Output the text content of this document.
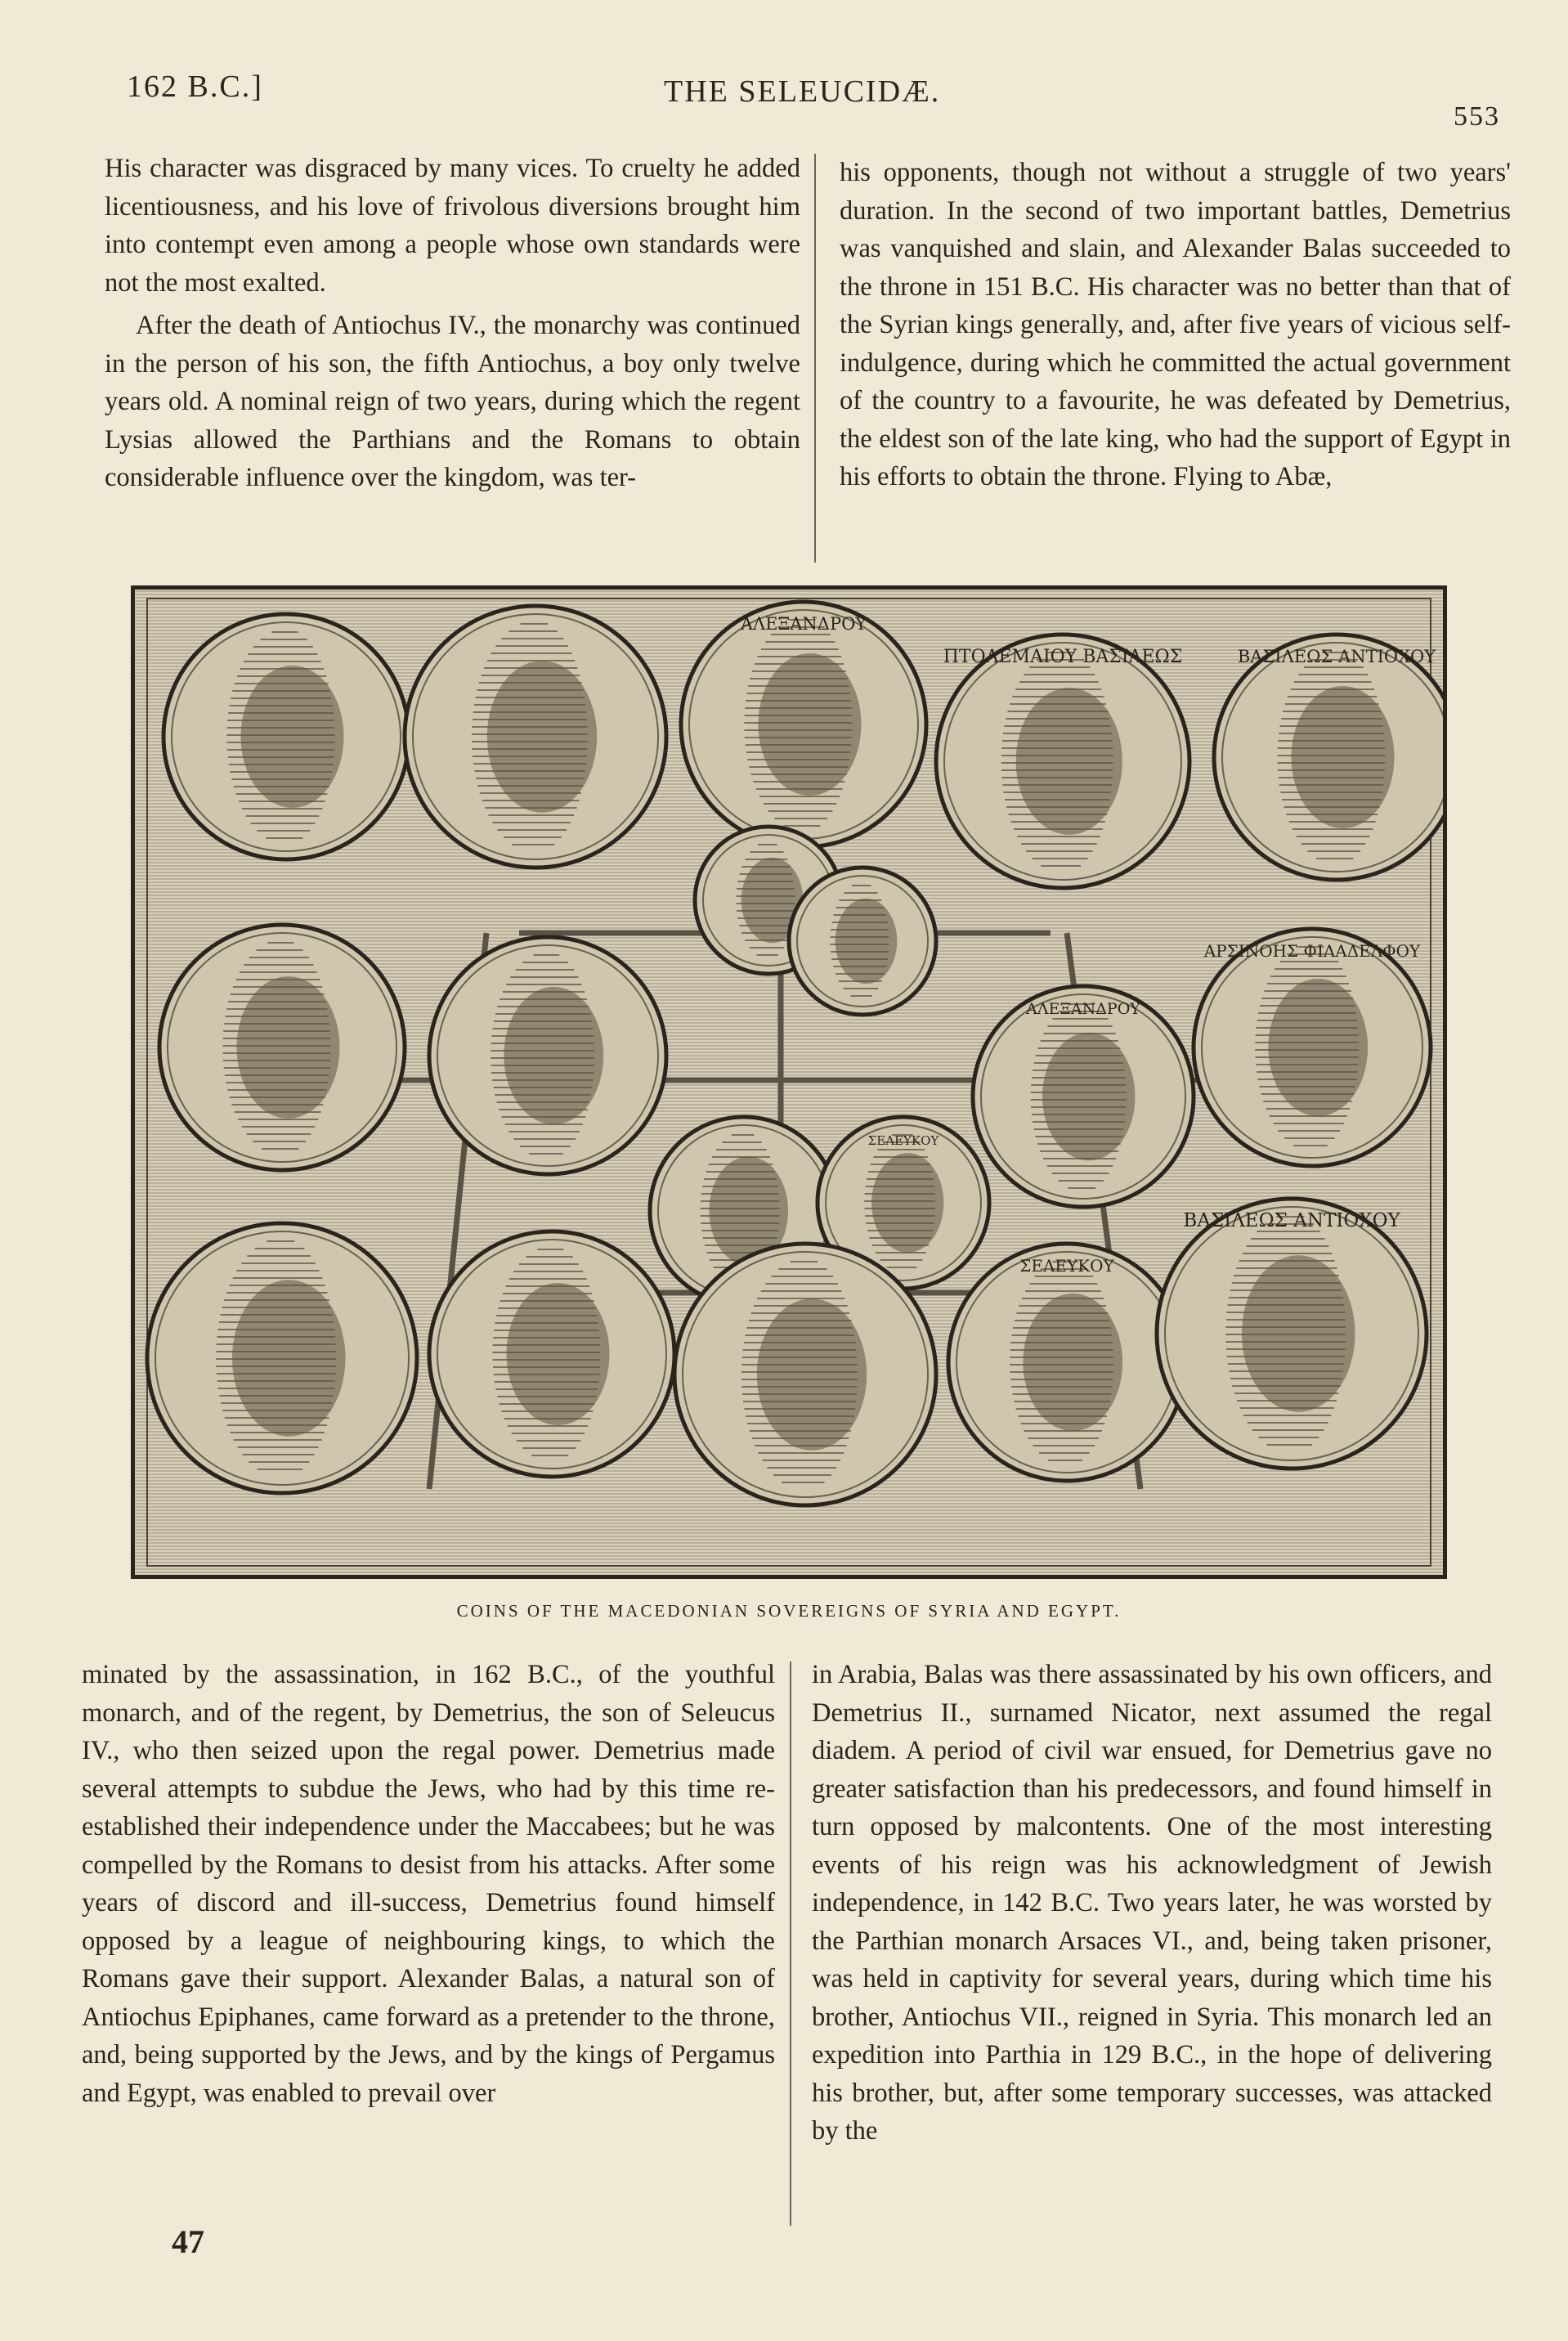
162 B.C.]	THE SELEUCIDÆ.
553

His character was disgraced by many vices. To cruelty he added licentiousness, and his love of frivolous diversions brought him into contempt even among a people whose own standards were not the most exalted.

After the death of Antiochus IV., the monarchy was continued in the person of his son, the fifth Antiochus, a boy only twelve years old. A nominal reign of two years, during which the regent Lysias allowed the Parthians and the Romans to obtain considerable influence over the kingdom, was ter-

his opponents, though not without a struggle of two years' duration. In the second of two important battles, Demetrius was vanquished and slain, and Alexander Balas succeeded to the throne in 151 B.C. His character was no better than that of the Syrian kings generally, and, after five years of vicious self-indulgence, during which he committed the actual government of the country to a favourite, he was defeated by Demetrius, the eldest son of the late king, who had the support of Egypt in his efforts to obtain the throne. Flying to Abæ,

ΑΛΕΞΑΝΔΡΟΥ
ΠΤΟΛΕΜΑΙΟΥ ΒΑΣΙΛΕΩΣ	ΒΑΣΙΛΕΩΣ ΑΝΤΙΟΧΟΥ
ΑΛΕΞΑΝΔΡΟΥ
ΑΡΣΙΝΟΗΣ ΦΙΛΑΔΕΛΦΟΥ
ΣΕΛΕΥΚΟΥ
ΣΕΛΕΥΚΟΥ
ΒΑΣΙΛΕΩΣ ΑΝΤΙΟΧΟΥ
COINS OF THE MACEDONIAN SOVEREIGNS OF SYRIA AND EGYPT.

minated by the assassination, in 162 B.C., of the youthful monarch, and of the regent, by Demetrius, the son of Seleucus IV., who then seized upon the regal power. Demetrius made several attempts to subdue the Jews, who had by this time re-established their independence under the Maccabees; but he was compelled by the Romans to desist from his attacks. After some years of discord and ill-success, Demetrius found himself opposed by a league of neighbouring kings, to which the Romans gave their support. Alexander Balas, a natural son of Antiochus Epiphanes, came forward as a pretender to the throne, and, being supported by the Jews, and by the kings of Pergamus and Egypt, was enabled to prevail over

in Arabia, Balas was there assassinated by his own officers, and Demetrius II., surnamed Nicator, next assumed the regal diadem. A period of civil war ensued, for Demetrius gave no greater satisfaction than his predecessors, and found himself in turn opposed by malcontents. One of the most interesting events of his reign was his acknowledgment of Jewish independence, in 142 B.C. Two years later, he was worsted by the Parthian monarch Arsaces VI., and, being taken prisoner, was held in captivity for several years, during which time his brother, Antiochus VII., reigned in Syria. This monarch led an expedition into Parthia in 129 B.C., in the hope of delivering his brother, but, after some temporary successes, was attacked by the

47
